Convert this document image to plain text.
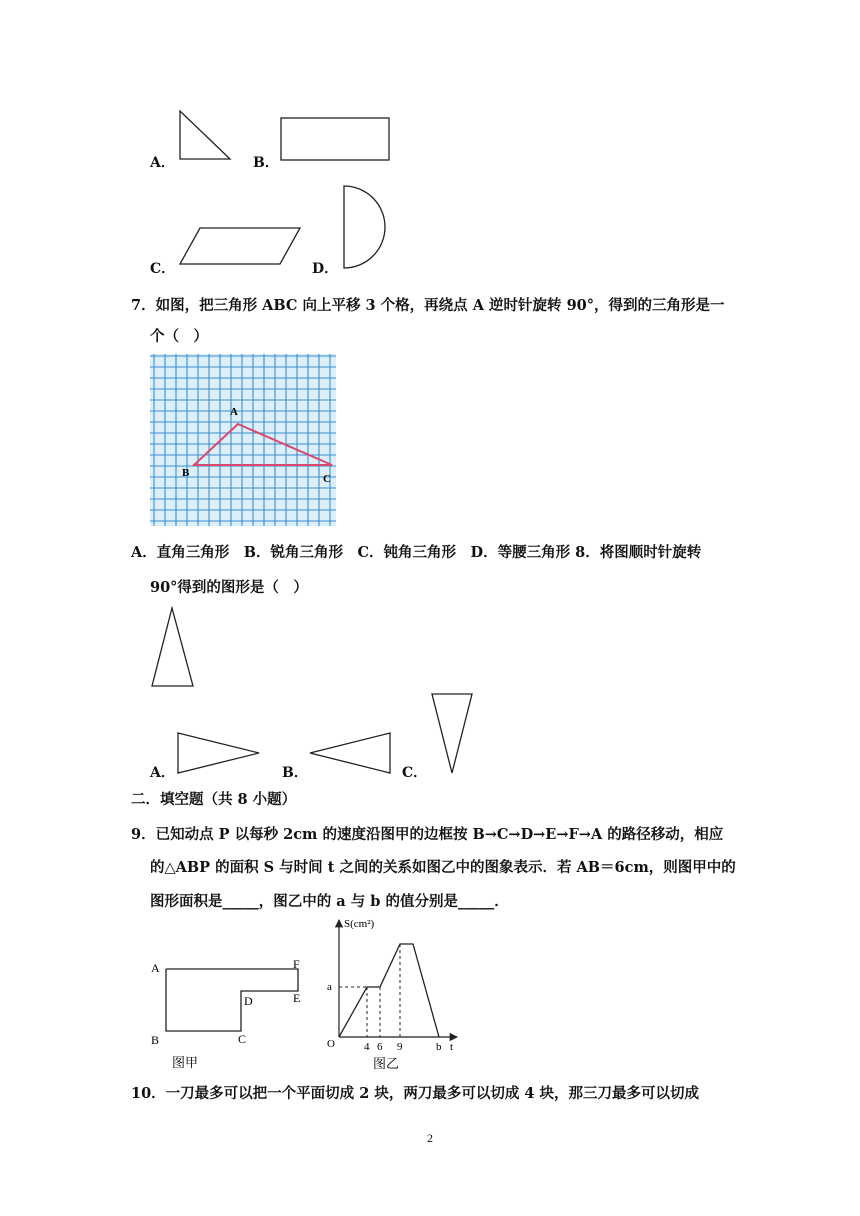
A．	B．
C．	D．
7．如图，把三角形 ABC 向上平移 3 个格，再绕点 A 逆时针旋转 90°，得到的三角形是一
个（　）
A
B	C
A．直角三角形　B．锐角三角形　C．钝角三角形　D．等腰三角形 8．将图顺时针旋转
90°得到的图形是（　）
A．	B．	C．
二．填空题（共 8 小题）
9．已知动点 P 以每秒 2cm 的速度沿图甲的边框按 B→C→D→E→F→A 的路径移动，相应
的△ABP 的面积 S 与时间 t 之间的关系如图乙中的图象表示．若 AB＝6cm，则图甲中的
图形面积是_____，图乙中的 a 与 b 的值分别是_____．
A
B	C
D	E
F
图甲
S(cm²)
a
O	4 6 9	b t
图乙
10．一刀最多可以把一个平面切成 2 块，两刀最多可以切成 4 块，那三刀最多可以切成
2
